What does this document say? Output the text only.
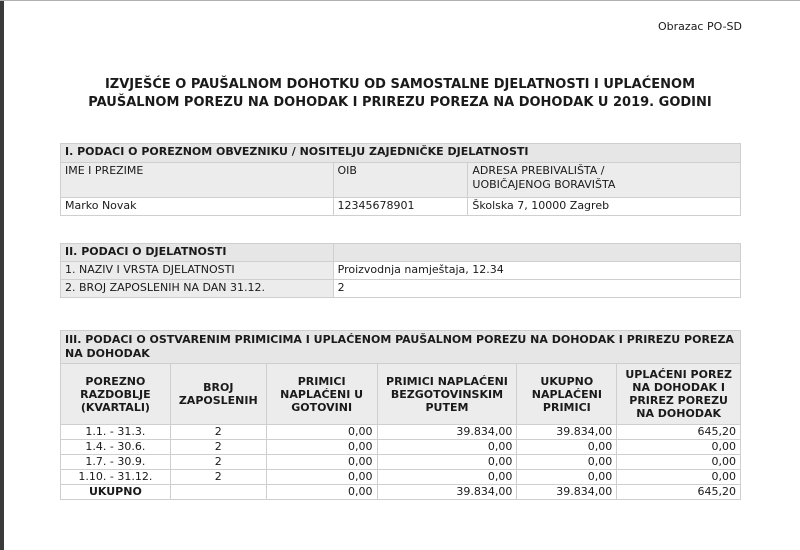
Obrazac PO-SD
IZVJEŠĆE O PAUŠALNOM DOHOTKU OD SAMOSTALNE DJELATNOSTI I UPLAĆENOM
PAUŠALNOM POREZU NA DOHODAK I PRIREZU POREZA NA DOHODAK U 2019. GODINI
I. PODACI O POREZNOM OBVEZNIKU / NOSITELJU ZAJEDNIČKE DJELATNOSTI		
IME I PREZIME	OIB	ADRESA PREBIVALIŠTA /
UOBIČAJENOG BORAVIŠTA

Marko Novak	12345678901	Školska 7, 10000 Zagreb
II. PODACI O DJELATNOSTI	
1. NAZIV I VRSTA DJELATNOSTI	Proizvodnja namještaja, 12.34
2. BROJ ZAPOSLENIH NA DAN 31.12.	2
III. PODACI O OSTVARENIM PRIMICIMA I UPLAĆENOM PAUŠALNOM POREZU NA DOHODAK I PRIREZU POREZA NA DOHODAK					
POREZNO RAZDOBLJE (KVARTALI)	BROJ ZAPOSLENIH	PRIMICI NAPLAĆENI U GOTOVINI	PRIMICI NAPLAĆENI BEZGOTOVINSKIM PUTEM	UKUPNO NAPLAĆENI PRIMICI	UPLAĆENI POREZ NA DOHODAK I PRIREZ POREZU NA DOHODAK
1.1. - 31.3.	2	0,00	39.834,00	39.834,00	645,20
1.4. - 30.6.	2	0,00	0,00	0,00	0,00
1.7. - 30.9.	2	0,00	0,00	0,00	0,00
1.10. - 31.12.	2	0,00	0,00	0,00	0,00
UKUPNO		0,00	39.834,00	39.834,00	645,20
